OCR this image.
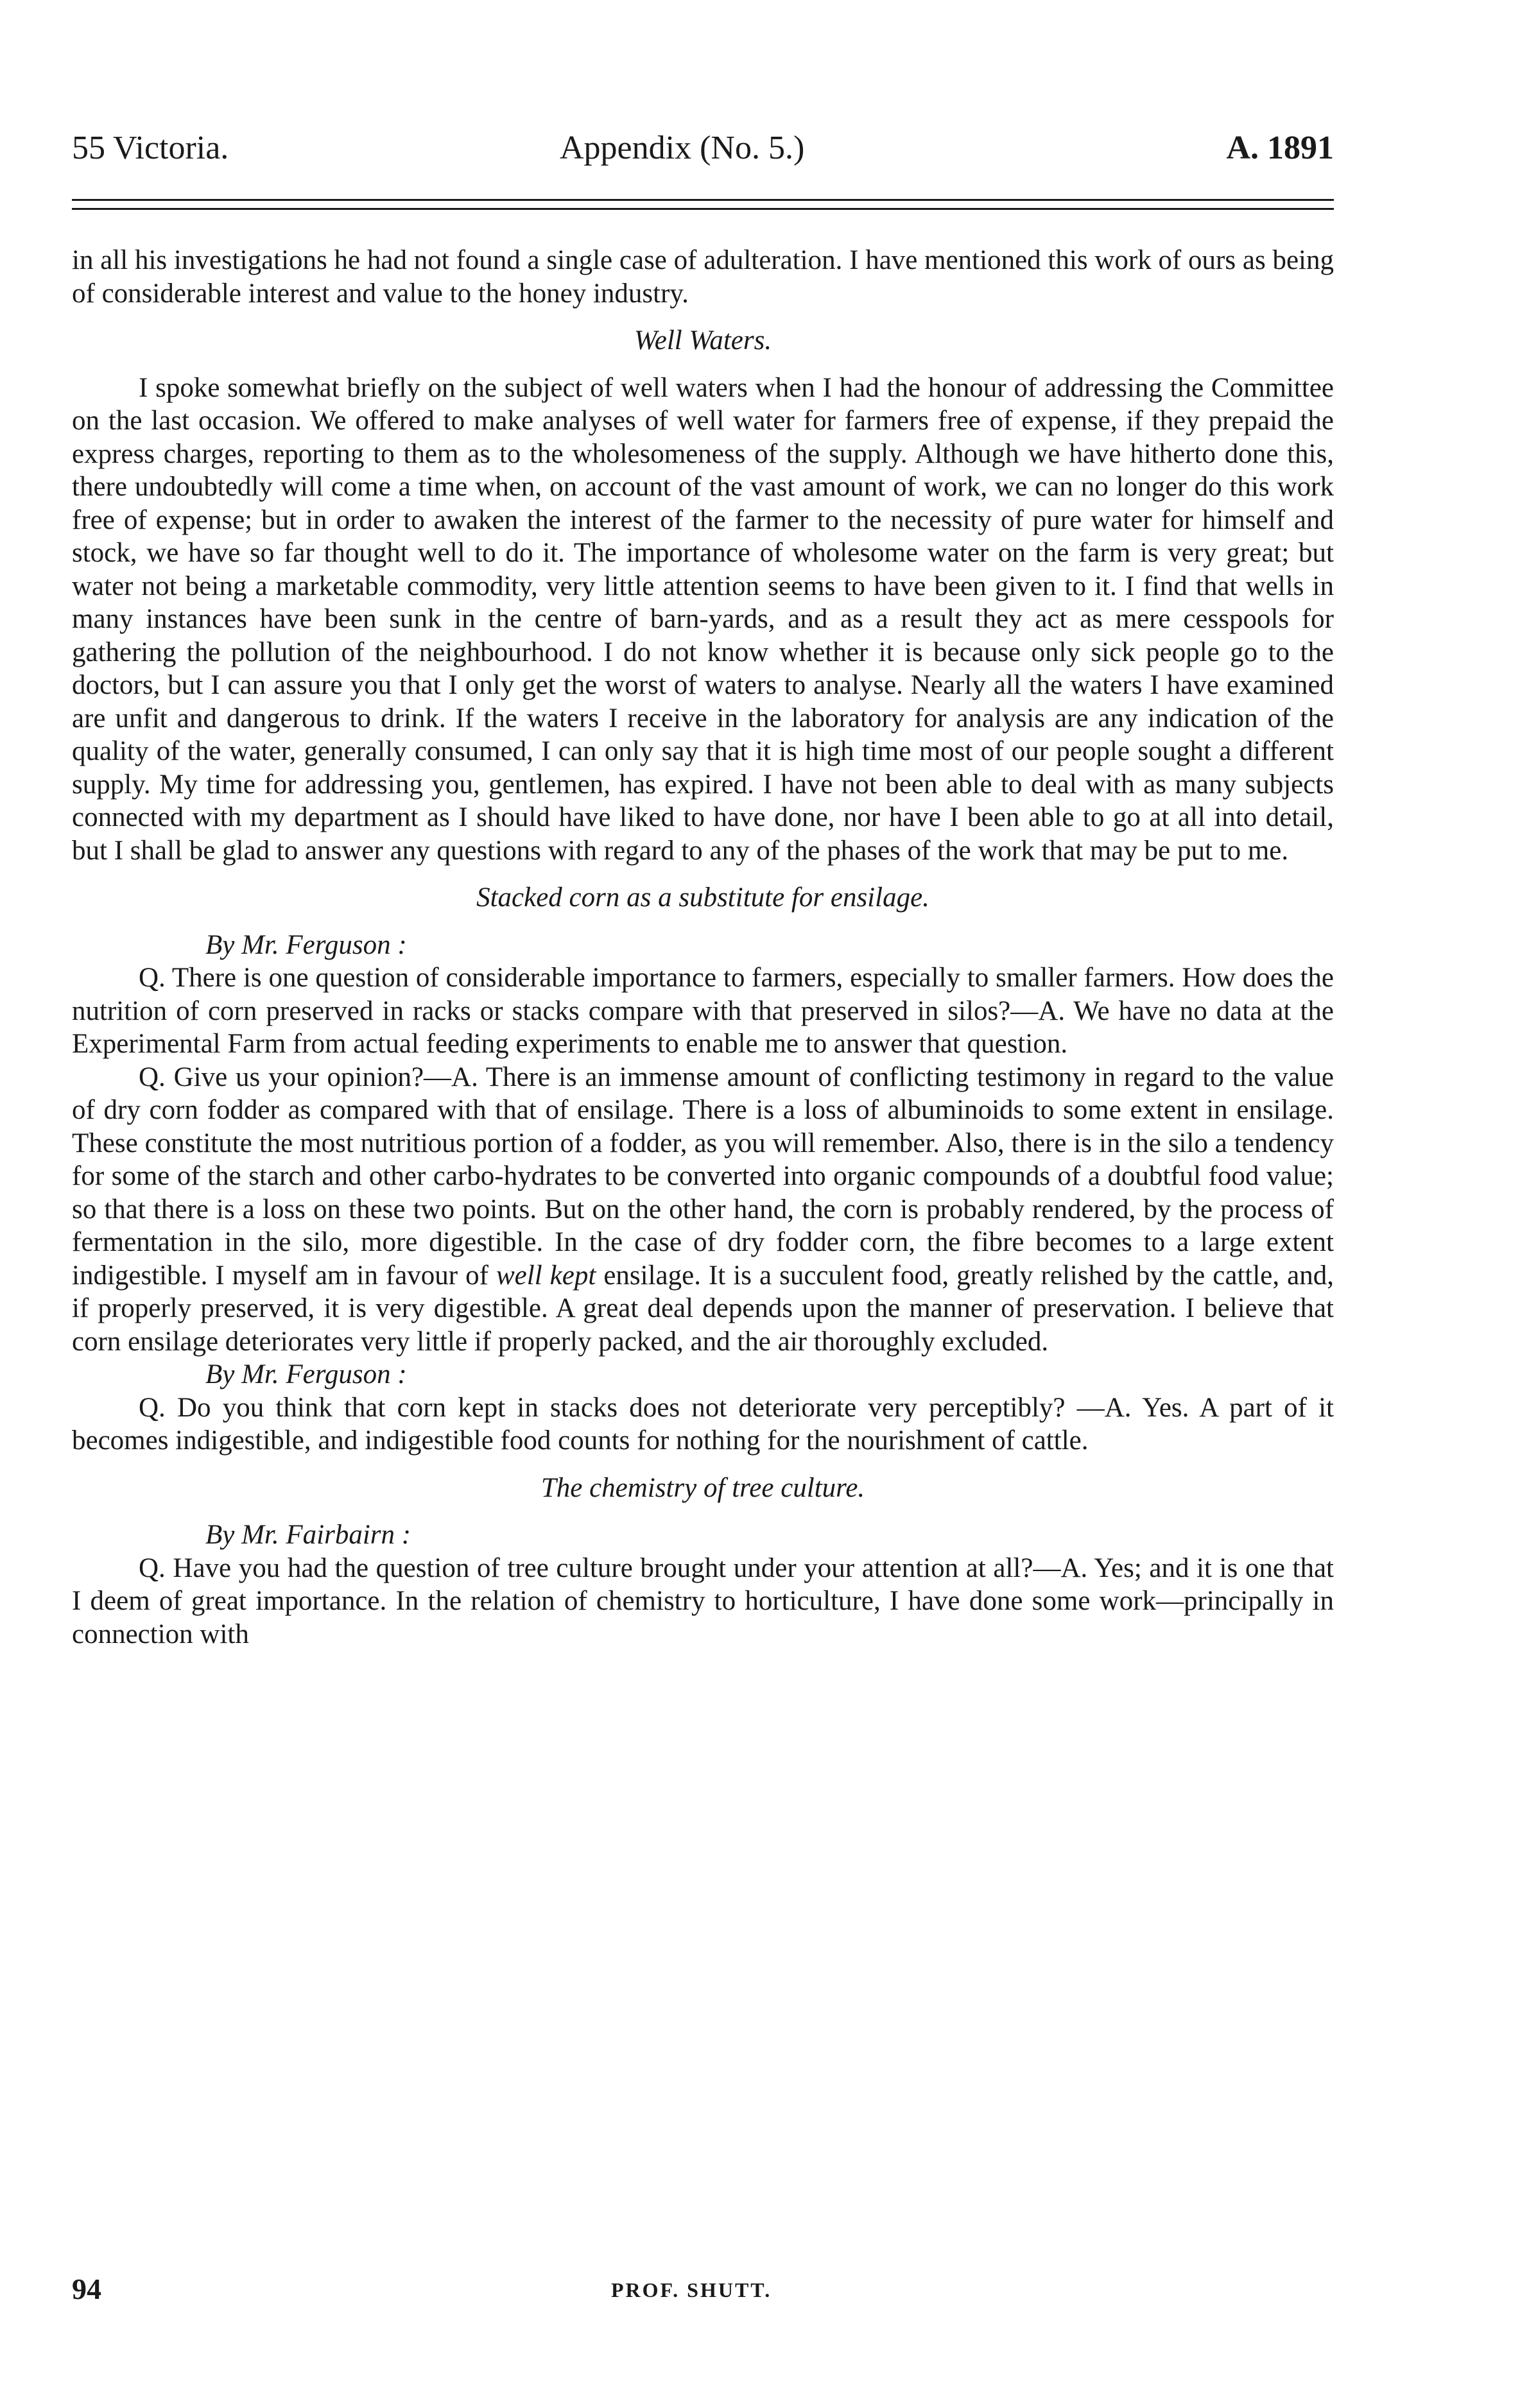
55 Victoria.	Appendix (No. 5.)	A. 1891

in all his investigations he had not found a single case of adulteration. I have mentioned this work of ours as being of considerable interest and value to the honey industry.

Well Waters.

I spoke somewhat briefly on the subject of well waters when I had the honour of addressing the Committee on the last occasion. We offered to make analyses of well water for farmers free of expense, if they prepaid the express charges, reporting to them as to the wholesomeness of the supply. Although we have hitherto done this, there undoubtedly will come a time when, on account of the vast amount of work, we can no longer do this work free of expense; but in order to awaken the interest of the farmer to the necessity of pure water for himself and stock, we have so far thought well to do it. The importance of wholesome water on the farm is very great; but water not being a marketable commodity, very little attention seems to have been given to it. I find that wells in many instances have been sunk in the centre of barn-yards, and as a result they act as mere cesspools for gathering the pollution of the neighbourhood. I do not know whether it is because only sick people go to the doctors, but I can assure you that I only get the worst of waters to analyse. Nearly all the waters I have examined are unfit and dangerous to drink. If the waters I receive in the laboratory for analysis are any indication of the quality of the water, generally consumed, I can only say that it is high time most of our people sought a different supply. My time for addressing you, gentlemen, has expired. I have not been able to deal with as many subjects connected with my department as I should have liked to have done, nor have I been able to go at all into detail, but I shall be glad to answer any questions with regard to any of the phases of the work that may be put to me.

Stacked corn as a substitute for ensilage.
By Mr. Ferguson :

Q. There is one question of considerable importance to farmers, especially to smaller farmers. How does the nutrition of corn preserved in racks or stacks compare with that preserved in silos?—A. We have no data at the Experimental Farm from actual feeding experiments to enable me to answer that question.

Q. Give us your opinion?—A. There is an immense amount of conflicting testimony in regard to the value of dry corn fodder as compared with that of ensilage. There is a loss of albuminoids to some extent in ensilage. These constitute the most nutritious portion of a fodder, as you will remember. Also, there is in the silo a tendency for some of the starch and other carbo-hydrates to be converted into organic compounds of a doubtful food value; so that there is a loss on these two points. But on the other hand, the corn is probably rendered, by the process of fermentation in the silo, more digestible. In the case of dry fodder corn, the fibre becomes to a large extent indigestible. I myself am in favour of well kept ensilage. It is a succulent food, greatly relished by the cattle, and, if properly preserved, it is very digestible. A great deal depends upon the manner of preservation. I believe that corn ensilage deteriorates very little if properly packed, and the air thoroughly excluded.

By Mr. Ferguson :

Q. Do you think that corn kept in stacks does not deteriorate very perceptibly? —A. Yes. A part of it becomes indigestible, and indigestible food counts for nothing for the nourishment of cattle.

The chemistry of tree culture.
By Mr. Fairbairn :

Q. Have you had the question of tree culture brought under your attention at all?—A. Yes; and it is one that I deem of great importance. In the relation of chemistry to horticulture, I have done some work—principally in connection with

94	PROF. SHUTT.
